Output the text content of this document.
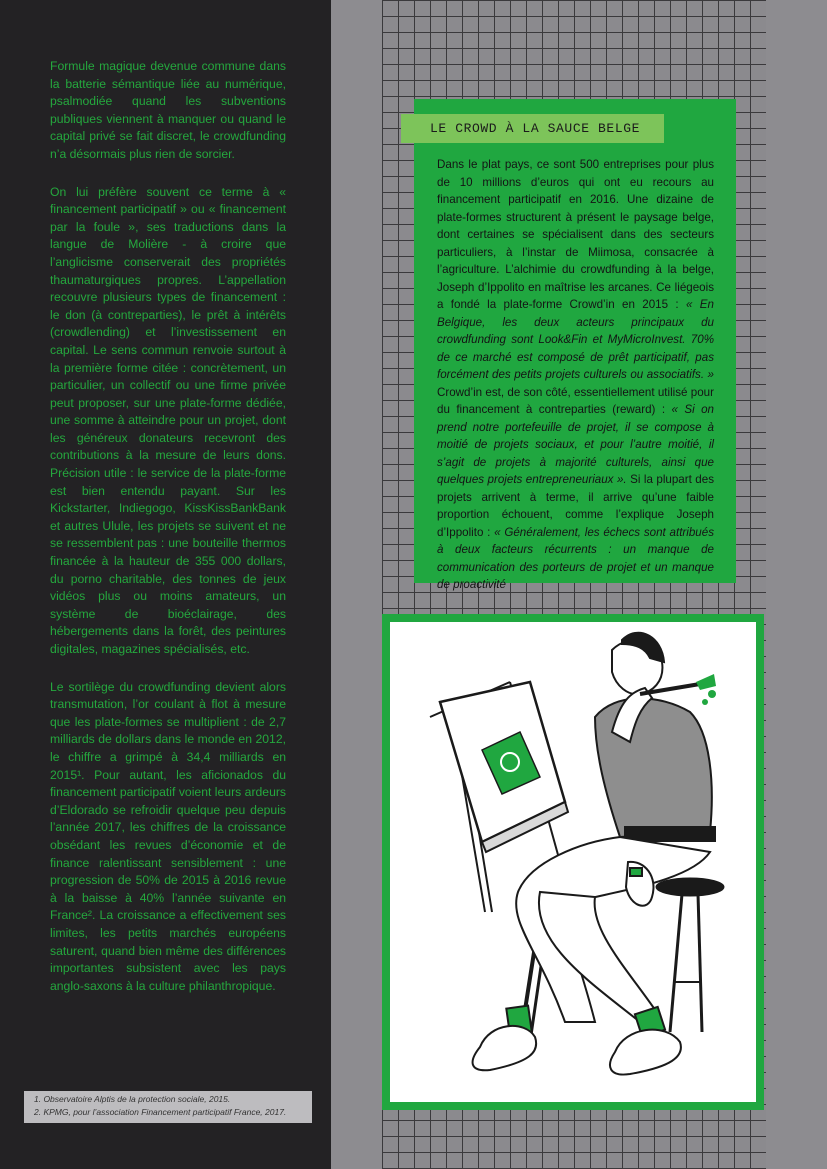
Formule magique devenue commune dans la batterie sémantique liée au numérique, psalmodiée quand les subventions publiques viennent à manquer ou quand le capital privé se fait discret, le crowdfunding n’a désormais plus rien de sorcier.

On lui préfère souvent ce terme à « financement participatif » ou « financement par la foule », ses traductions dans la langue de Molière - à croire que l’anglicisme conserverait des propriétés thaumaturgiques propres. L’appellation recouvre plusieurs types de financement : le don (à contreparties), le prêt à intérêts (crowdlending) et l’investissement en capital. Le sens commun renvoie surtout à la première forme citée : concrètement, un particulier, un collectif ou une firme privée peut proposer, sur une plate-forme dédiée, une somme à atteindre pour un projet, dont les généreux donateurs recevront des contributions à la mesure de leurs dons. Précision utile : le service de la plate-forme est bien entendu payant. Sur les Kickstarter, Indiegogo, KissKissBankBank et autres Ulule, les projets se suivent et ne se ressemblent pas : une bouteille thermos financée à la hauteur de 355 000 dollars, du porno charitable, des tonnes de jeux vidéos plus ou moins amateurs, un système de bioéclairage, des hébergements dans la forêt, des peintures digitales, magazines spécialisés, etc.

Le sortilège du crowdfunding devient alors transmutation, l’or coulant à flot à mesure que les plate-formes se multiplient : de 2,7 milliards de dollars dans le monde en 2012, le chiffre a grimpé à 34,4 milliards en 2015¹. Pour autant, les aficionados du financement participatif voient leurs ardeurs d’Eldorado se refroidir quelque peu depuis l’année 2017, les chiffres de la croissance obsédant les revues d’économie et de finance ralentissant sensiblement : une progression de 50% de 2015 à 2016 revue à la baisse à 40% l’année suivante en France². La croissance a effectivement ses limites, les petits marchés européens saturent, quand bien même des différences importantes subsistent avec les pays anglo-saxons à la culture philanthropique.

1. Observatoire Alptis de la protection sociale, 2015.
2. KPMG, pour l’association Financement participatif France, 2017.
LE CROWD À LA SAUCE BELGE
Dans le plat pays, ce sont 500 entreprises pour plus de 10 millions d’euros qui ont eu recours au financement participatif en 2016. Une dizaine de plate-formes structurent à présent le paysage belge, dont certaines se spécialisent dans des secteurs particuliers, à l’instar de Miimosa, consacrée à l’agriculture. L’alchimie du crowdfunding à la belge, Joseph d’Ippolito en maîtrise les arcanes. Ce liégeois a fondé la plate-forme Crowd’in en 2015 : « En Belgique, les deux acteurs principaux du crowdfunding sont Look&Fin et MyMicroInvest. 70% de ce marché est composé de prêt participatif, pas forcément des petits projets culturels ou associatifs. » Crowd’in est, de son côté, essentiellement utilisé pour du financement à contreparties (reward) : « Si on prend notre portefeuille de projet, il se compose à moitié de projets sociaux, et pour l’autre moitié, il s’agit de projets à majorité culturels, ainsi que quelques projets entrepreneuriaux ». Si la plupart des projets arrivent à terme, il arrive qu’une faible proportion échouent, comme l’explique Joseph d’Ippolito : « Généralement, les échecs sont attribués à deux facteurs récurrents : un manque de communication des porteurs de projet et un manque de proactivité
